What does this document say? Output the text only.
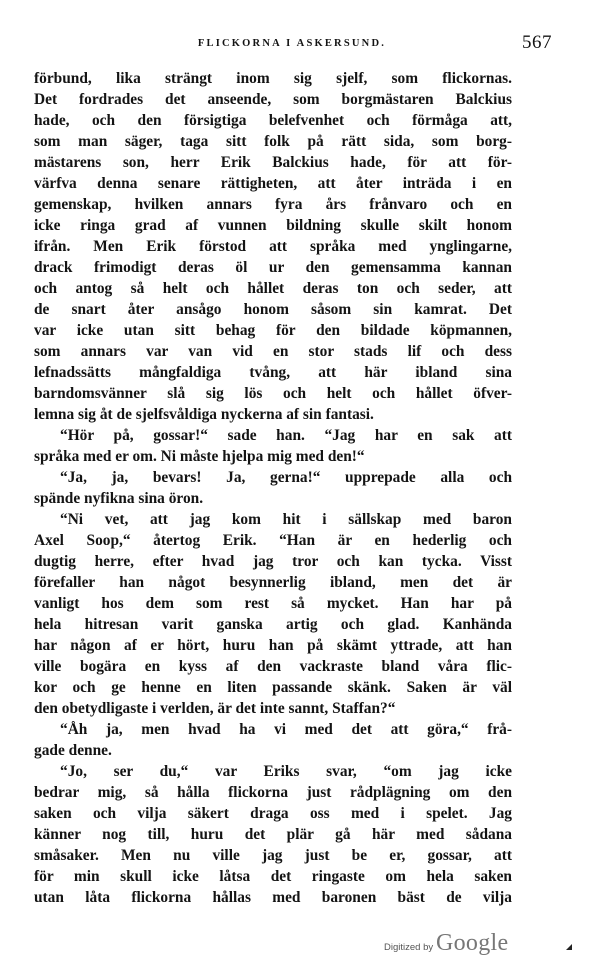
FLICKORNA I ASKERSUND.	567
förbund, lika strängt inom sig sjelf, som flickornas.
Det fordrades det anseende, som borgmästaren Balckius
hade, och den försigtiga belefvenhet och förmåga att,
som man säger, taga sitt folk på rätt sida, som borg-
mästarens son, herr Erik Balckius hade, för att för-
värfva denna senare rättigheten, att åter inträda i en
gemenskap, hvilken annars fyra års frånvaro och en
icke ringa grad af vunnen bildning skulle skilt honom
ifrån. Men Erik förstod att språka med ynglingarne,
drack frimodigt deras öl ur den gemensamma kannan
och antog så helt och hållet deras ton och seder, att
de snart åter ansågo honom såsom sin kamrat. Det
var icke utan sitt behag för den bildade köpmannen,
som annars var van vid en stor stads lif och dess
lefnadssätts mångfaldiga tvång, att här ibland sina
barndomsvänner slå sig lös och helt och hållet öfver-
lemna sig åt de sjelfsvåldiga nyckerna af sin fantasi.
“Hör på, gossar!“ sade han. “Jag har en sak att
språka med er om. Ni måste hjelpa mig med den!“
“Ja, ja, bevars! Ja, gerna!“ upprepade alla och
spände nyfikna sina öron.
“Ni vet, att jag kom hit i sällskap med baron
Axel Soop,“ återtog Erik. “Han är en hederlig och
dugtig herre, efter hvad jag tror och kan tycka. Visst
förefaller han något besynnerlig ibland, men det är
vanligt hos dem som rest så mycket. Han har på
hela hitresan varit ganska artig och glad. Kanhända
har någon af er hört, huru han på skämt yttrade, att han
ville bogära en kyss af den vackraste bland våra flic-
kor och ge henne en liten passande skänk. Saken är väl
den obetydligaste i verlden, är det inte sannt, Staffan?“
“Åh ja, men hvad ha vi med det att göra,“ frå-
gade denne.
“Jo, ser du,“ var Eriks svar, “om jag icke
bedrar mig, så hålla flickorna just rådplägning om den
saken och vilja säkert draga oss med i spelet. Jag
känner nog till, huru det plär gå här med sådana
småsaker. Men nu ville jag just be er, gossar, att
för min skull icke låtsa det ringaste om hela saken
utan låta flickorna hållas med baronen bäst de vilja
Digitized by Google
